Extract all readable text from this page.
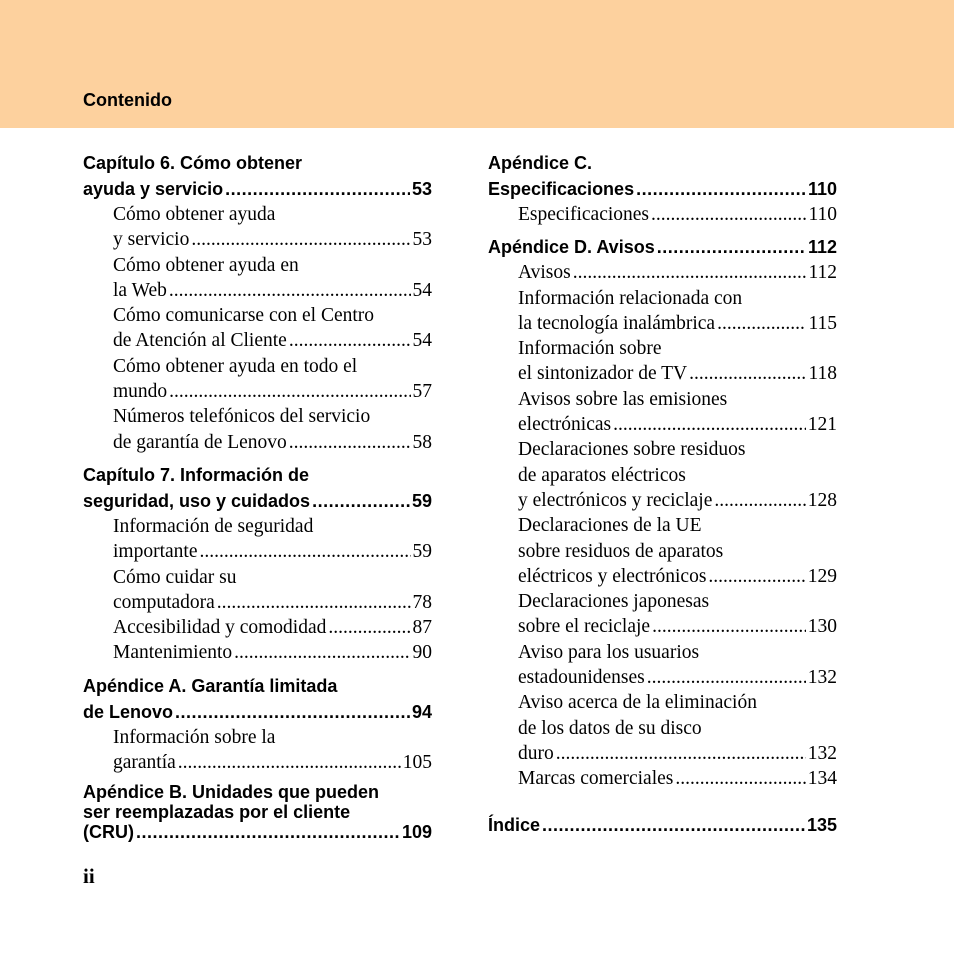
Contenido
Capítulo 6. Cómo obtener
ayuda y servicio .....	53
Cómo obtener ayuda
y servicio .....	53
Cómo obtener ayuda en
la Web .....	54
Cómo comunicarse con el Centro
de Atención al Cliente .....	54
Cómo obtener ayuda en todo el
mundo .....	57
Números telefónicos del servicio
de garantía de Lenovo .....	58
Capítulo 7. Información de
seguridad, uso y cuidados .....	59
Información de seguridad
importante .....	59
Cómo cuidar su
computadora .....	78
Accesibilidad y comodidad .....	87
Mantenimiento .....	90
Apéndice A. Garantía limitada
de Lenovo .....	94
Información sobre la
garantía .....	105
Apéndice B. Unidades que pueden
ser reemplazadas por el cliente
(CRU) .....	109
Apéndice C.
Especificaciones .....	110
Especificaciones .....	110
Apéndice D. Avisos .....	112
Avisos .....	112
Información relacionada con
la tecnología inalámbrica .....	115
Información sobre
el sintonizador de TV .....	118
Avisos sobre las emisiones
electrónicas .....	121
Declaraciones sobre residuos
de aparatos eléctricos
y electrónicos y reciclaje .....	128
Declaraciones de la UE
sobre residuos de aparatos
eléctricos y electrónicos .....	129
Declaraciones japonesas
sobre el reciclaje .....	130
Aviso para los usuarios
estadounidenses .....	132
Aviso acerca de la eliminación
de los datos de su disco
duro .....	132
Marcas comerciales .....	134
Índice .....	135
ii
